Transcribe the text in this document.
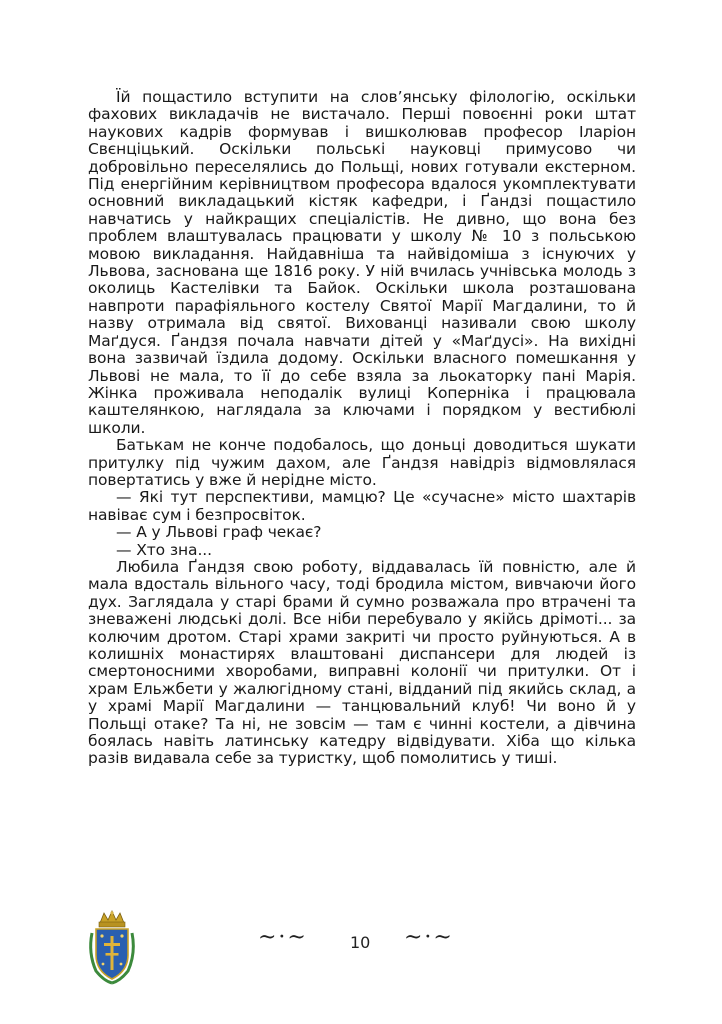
Їй пощастило вступити на слов’янську філологію, оскільки фахових викладачів не вистачало. Перші повоєнні роки штат наукових кадрів формував і вишколював професор Іларіон Свєнціцький. Оскільки польські науковці примусово чи добровільно переселялись до Польщі, нових готували екстерном. Під енергійним керівництвом професора вдалося укомплектувати основний викладацький кістяк кафедри, і Ґандзі пощастило навчатись у найкращих спеціалістів. Не дивно, що вона без проблем влаштувалась працювати у школу № 10 з польською мовою викладання. Найдавніша та найвідоміша з існуючих у Львова, заснована ще 1816 року. У ній вчилась учнівська молодь з околиць Кастелівки та Байок. Оскільки школа розташована навпроти парафіяльного костелу Святої Марії Магдалини, то й назву отримала від святої. Вихованці називали свою школу Маґдуся. Ґандзя почала навчати дітей у «Маґдусі». На вихідні вона зазвичай їздила додому. Оскільки власного помешкання у Львові не мала, то її до себе взяла за льокаторку пані Марія. Жінка проживала неподалік вулиці Коперніка і працювала каштелянкою, наглядала за ключами і порядком у вестибюлі школи.

Батькам не конче подобалось, що доньці доводиться шукати притулку під чужим дахом, але Ґандзя навідріз відмовлялася повертатись у вже й нерідне місто.

— Які тут перспективи, мамцю? Це «сучасне» місто шахтарів навіває сум і безпросвіток.

— А у Львові граф чекає?

— Хто зна...

Любила Ґандзя свою роботу, віддавалась їй повністю, але й мала вдосталь вільного часу, тоді бродила містом, вивчаючи його дух. Заглядала у старі брами й сумно розважала про втрачені та зневажені людські долі. Все ніби перебувало у якійсь дрімоті... за колючим дротом. Старі храми закриті чи просто руйнуються. А в колишніх монастирях влаштовані диспансери для людей із смертоносними хворобами, виправні колонії чи притулки. От і храм Ельжбети у жалюгідному стані, відданий під якийсь склад, а у храмі Марії Магдалини — танцювальний клуб! Чи воно й у Польщі отаке? Та ні, не зовсім — там є чинні костели, а дівчина боялась навіть латинську катедру відвідувати. Хіба що кілька разів видавала себе за туристку, щоб помолитись у тиші.

~·~	10 ~·~
